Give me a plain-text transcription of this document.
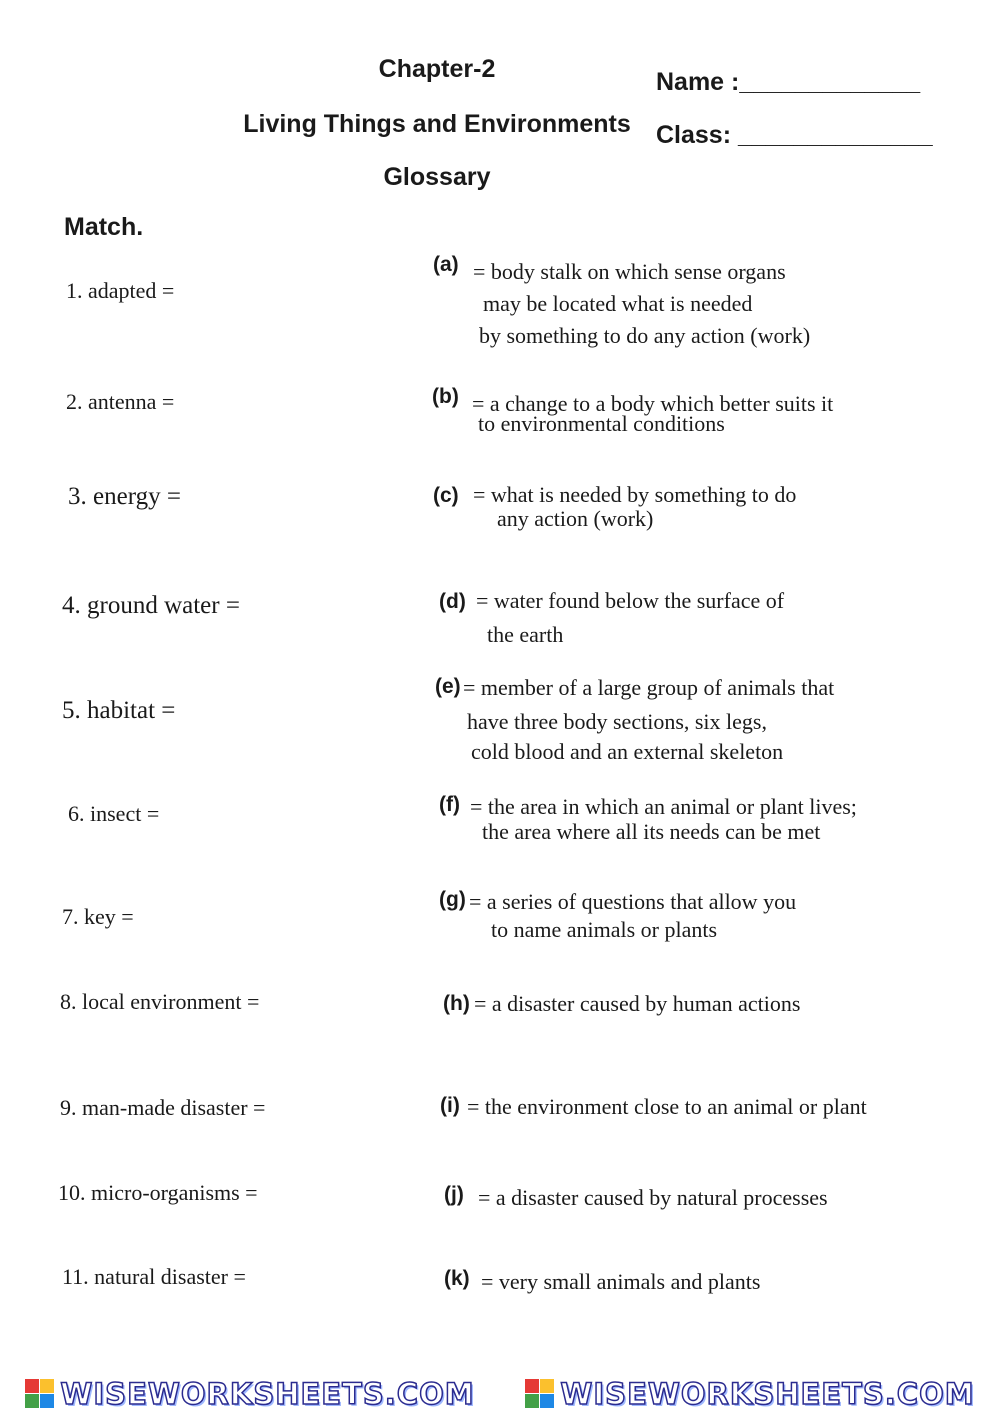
Chapter-2
Living Things and Environments
Glossary
Name :_____________
Class: ______________
Match.
1. adapted =
2. antenna =
3. energy =
4. ground water =
5. habitat =
6. insect =
7. key =
8. local environment =
9. man-made disaster =
10. micro-organisms =
11. natural disaster =
(a) = body stalk on which sense organs
may be located what is needed
by something to do any action (work)
(b) = a change to a body which better suits it
to environmental conditions
(c) = what is needed by something to do
any action (work)
(d) = water found below the surface of
the earth
(e) = member of a large group of animals that
have three body sections, six legs,
cold blood and an external skeleton
(f) = the area in which an animal or plant lives;
the area where all its needs can be met
(g) = a series of questions that allow you
to name animals or plants
(h) = a disaster caused by human actions
(i) = the environment close to an animal or plant
(j) = a disaster caused by natural processes
(k) = very small animals and plants
WISEWORKSHEETS.COM	WISEWORKSHEETS.COM
